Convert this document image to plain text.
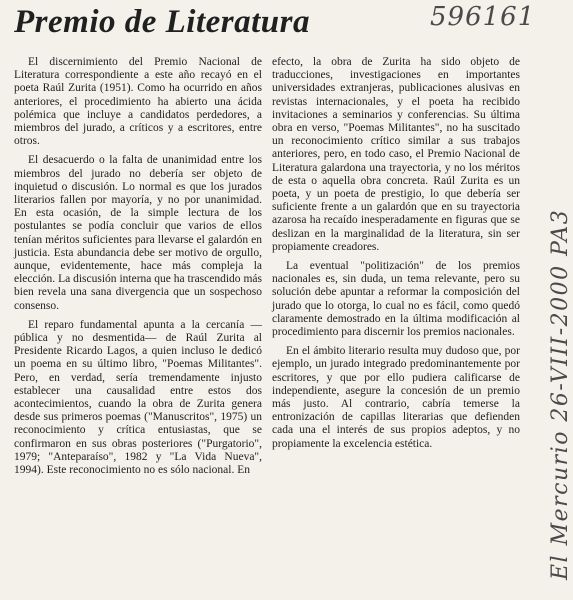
Premio de Literatura	596161
El Mercurio 26-VIII-2000 PA3

El discernimiento del Premio Nacional de Literatura correspondiente a este año recayó en el poeta Raúl Zurita (1951). Como ha ocurrido en años anteriores, el procedimiento ha abierto una ácida polémica que incluye a candidatos perdedores, a miembros del jurado, a críticos y a escritores, entre otros.

El desacuerdo o la falta de unanimidad entre los miembros del jurado no debería ser objeto de inquietud o discusión. Lo normal es que los jurados literarios fallen por mayoría, y no por unanimidad. En esta ocasión, de la simple lectura de los postulantes se podía concluir que varios de ellos tenían méritos suficientes para llevarse el galardón en justicia. Esta abundancia debe ser motivo de orgullo, aunque, evidentemente, hace más compleja la elección. La discusión interna que ha trascendido más bien revela una sana divergencia que un sospechoso consenso.

El reparo fundamental apunta a la cercanía —pública y no desmentida— de Raúl Zurita al Presidente Ricardo Lagos, a quien incluso le dedicó un poema en su último libro, "Poemas Militantes". Pero, en verdad, sería tremendamente injusto establecer una causalidad entre estos dos acontecimientos, cuando la obra de Zurita genera desde sus primeros poemas ("Manuscritos", 1975) un reconocimiento y crítica entusiastas, que se confirmaron en sus obras posteriores ("Purgatorio", 1979; "Anteparaíso", 1982 y "La Vida Nueva", 1994). Este reconocimiento no es sólo nacional. En

efecto, la obra de Zurita ha sido objeto de traducciones, investigaciones en importantes universidades extranjeras, publicaciones alusivas en revistas internacionales, y el poeta ha recibido invitaciones a seminarios y conferencias. Su última obra en verso, "Poemas Militantes", no ha suscitado un reconocimiento crítico similar a sus trabajos anteriores, pero, en todo caso, el Premio Nacional de Literatura galardona una trayectoria, y no los méritos de esta o aquella obra concreta. Raúl Zurita es un poeta, y un poeta de prestigio, lo que debería ser suficiente frente a un galardón que en su trayectoria azarosa ha recaído inesperadamente en figuras que se deslizan en la marginalidad de la literatura, sin ser propiamente creadores.

La eventual "politización" de los premios nacionales es, sin duda, un tema relevante, pero su solución debe apuntar a reformar la composición del jurado que lo otorga, lo cual no es fácil, como quedó claramente demostrado en la última modificación al procedimiento para discernir los premios nacionales.

En el ámbito literario resulta muy dudoso que, por ejemplo, un jurado integrado predominantemente por escritores, y que por ello pudiera calificarse de independiente, asegure la concesión de un premio más justo. Al contrario, cabría temerse la entronización de capillas literarias que defienden cada una el interés de sus propios adeptos, y no propiamente la excelencia estética.
